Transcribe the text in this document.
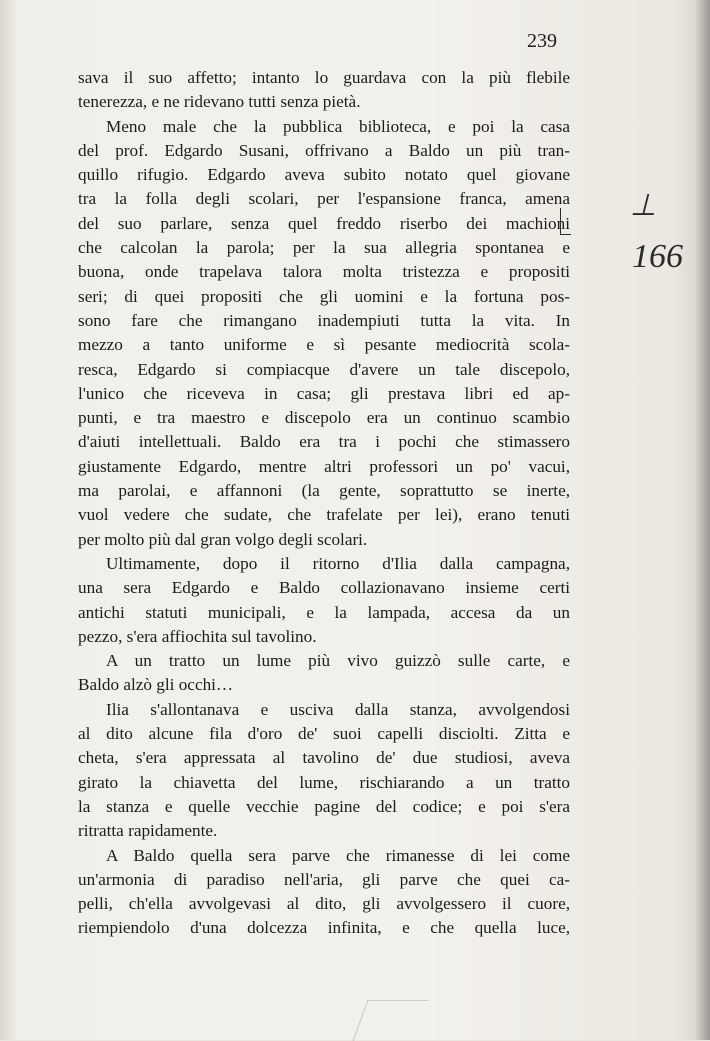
239
sava il suo affetto; intanto lo guardava con la più flebile
tenerezza, e ne ridevano tutti senza pietà.
Meno male che la pubblica biblioteca, e poi la casa
del prof. Edgardo Susani, offrivano a Baldo un più tran-
quillo rifugio. Edgardo aveva subito notato quel giovane
tra la folla degli scolari, per l'espansione franca, amena
del suo parlare, senza quel freddo riserbo dei machioni
che calcolan la parola; per la sua allegria spontanea e
buona, onde trapelava talora molta tristezza e propositi
seri; di quei propositi che gli uomini e la fortuna pos-
sono fare che rimangano inadempiuti tutta la vita. In
mezzo a tanto uniforme e sì pesante mediocrità scola-
resca, Edgardo si compiacque d'avere un tale discepolo,
l'unico che riceveva in casa; gli prestava libri ed ap-
punti, e tra maestro e discepolo era un continuo scambio
d'aiuti intellettuali. Baldo era tra i pochi che stimassero
giustamente Edgardo, mentre altri professori un po' vacui,
ma parolai, e affannoni (la gente, soprattutto se inerte,
vuol vedere che sudate, che trafelate per lei), erano tenuti
per molto più dal gran volgo degli scolari.
Ultimamente, dopo il ritorno d'Ilia dalla campagna,
una sera Edgardo e Baldo collazionavano insieme certi
antichi statuti municipali, e la lampada, accesa da un
pezzo, s'era affiochita sul tavolino.
A un tratto un lume più vivo guizzò sulle carte, e
Baldo alzò gli occhi…
Ilia s'allontanava e usciva dalla stanza, avvolgendosi
al dito alcune fila d'oro de' suoi capelli disciolti. Zitta e
cheta, s'era appressata al tavolino de' due studiosi, aveva
girato la chiavetta del lume, rischiarando a un tratto
la stanza e quelle vecchie pagine del codice; e poi s'era
ritratta rapidamente.
A Baldo quella sera parve che rimanesse di lei come
un'armonia di paradiso nell'aria, gli parve che quei ca-
pelli, ch'ella avvolgevasi al dito, gli avvolgessero il cuore,
riempiendolo d'una dolcezza infinita, e che quella luce,
⊥
166
